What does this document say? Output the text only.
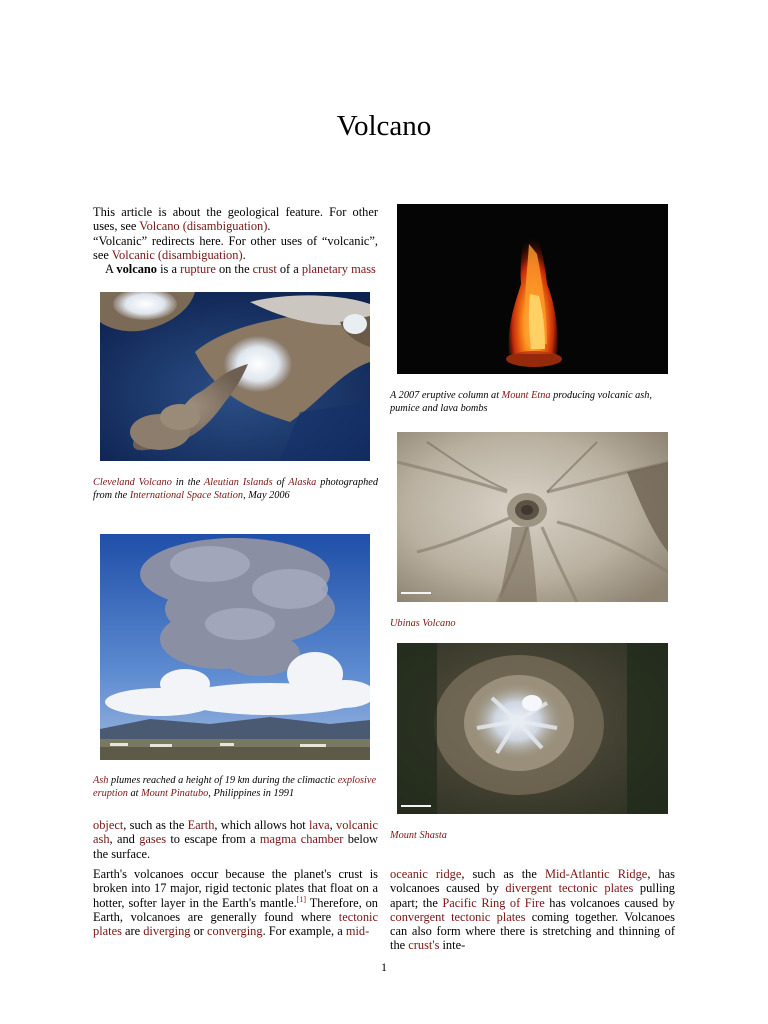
Volcano

This article is about the geological feature. For other uses, see Volcano (disambiguation).

“Volcanic” redirects here. For other uses of “volcanic”, see Volcanic (disambiguation).

A volcano is a rupture on the crust of a planetary mass

Cleveland Volcano in the Aleutian Islands of Alaska photographed from the International Space Station, May 2006
Ash plumes reached a height of 19 km during the climactic explosive eruption at Mount Pinatubo, Philippines in 1991

object, such as the Earth, which allows hot lava, volcanic ash, and gases to escape from a magma chamber below the surface.

Earth's volcanoes occur because the planet's crust is broken into 17 major, rigid tectonic plates that float on a hotter, softer layer in the Earth's mantle.[1] Therefore, on Earth, volcanoes are generally found where tectonic plates are diverging or converging. For example, a mid-

A 2007 eruptive column at Mount Etna producing volcanic ash, pumice and lava bombs
Ubinas Volcano
Mount Shasta

oceanic ridge, such as the Mid-Atlantic Ridge, has volcanoes caused by divergent tectonic plates pulling apart; the Pacific Ring of Fire has volcanoes caused by convergent tectonic plates coming together. Volcanoes can also form where there is stretching and thinning of the crust's inte-

1
